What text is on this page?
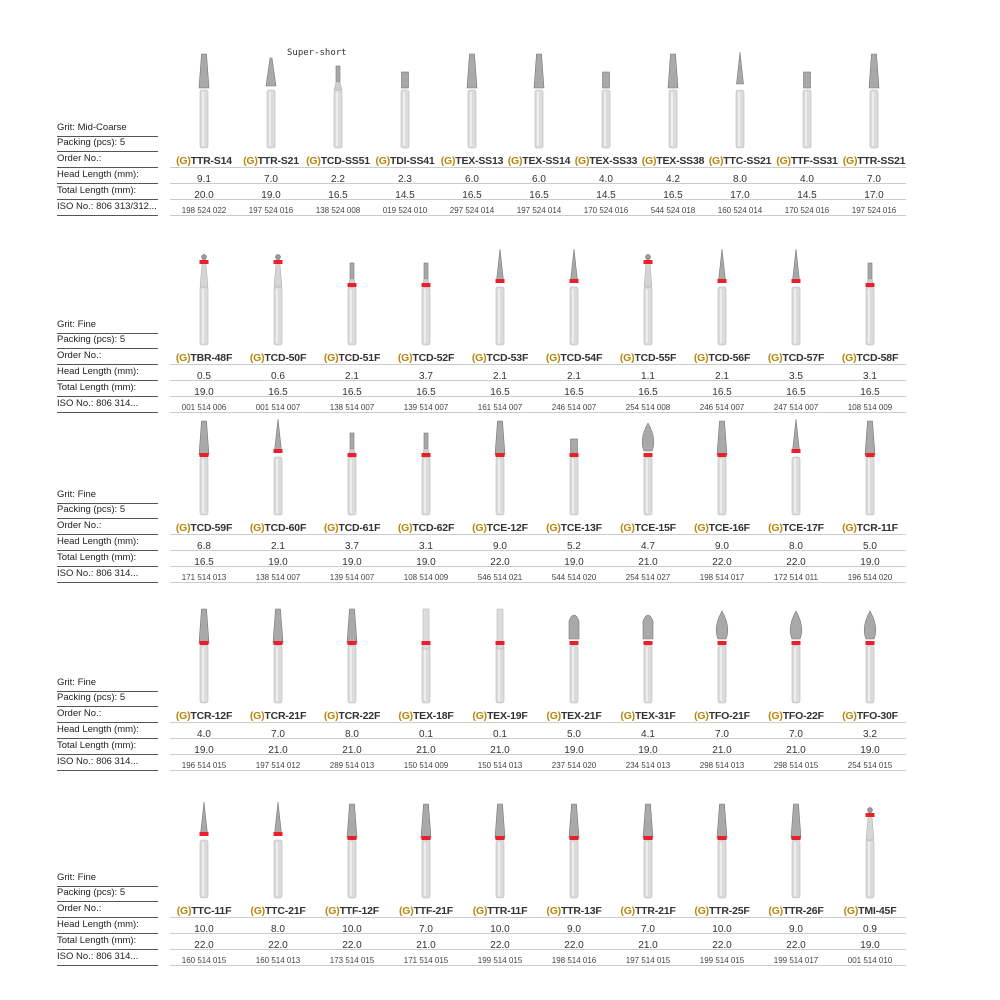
Super-short
Grit: Mid-Coarse
Packing (pcs): 5
Order No.:
Head Length (mm):
Total Length (mm):
ISO No.: 806 313/312...
(G)TTR-S14
9.1
20.0
198 524 022
(G)TTR-S21
7.0
19.0
197 524 016
(G)TCD-SS51
2.2
16.5
138 524 008
(G)TDI-SS41
2.3
14.5
019 524 010
(G)TEX-SS13
6.0
16.5
297 524 014
(G)TEX-SS14
6.0
16.5
197 524 014
(G)TEX-SS33
4.0
14.5
170 524 016
(G)TEX-SS38
4.2
16.5
544 524 018
(G)TTC-SS21
8.0
17.0
160 524 014
(G)TTF-SS31
4.0
14.5
170 524 016
(G)TTR-SS21
7.0
17.0
197 524 016
Grit: Fine
Packing (pcs): 5
Order No.:
Head Length (mm):
Total Length (mm):
ISO No.: 806 314...
(G)TBR-48F
0.5
19.0
001 514 006
(G)TCD-50F
0.6
16.5
001 514 007
(G)TCD-51F
2.1
16.5
138 514 007
(G)TCD-52F
3.7
16.5
139 514 007
(G)TCD-53F
2.1
16.5
161 514 007
(G)TCD-54F
2.1
16.5
246 514 007
(G)TCD-55F
1.1
16.5
254 514 008
(G)TCD-56F
2.1
16.5
246 514 007
(G)TCD-57F
3.5
16.5
247 514 007
(G)TCD-58F
3.1
16.5
108 514 009
Grit: Fine
Packing (pcs): 5
Order No.:
Head Length (mm):
Total Length (mm):
ISO No.: 806 314...
(G)TCD-59F
6.8
16.5
171 514 013
(G)TCD-60F
2.1
19.0
138 514 007
(G)TCD-61F
3.7
19.0
139 514 007
(G)TCD-62F
3.1
19.0
108 514 009
(G)TCE-12F
9.0
22.0
546 514 021
(G)TCE-13F
5.2
19.0
544 514 020
(G)TCE-15F
4.7
21.0
254 514 027
(G)TCE-16F
9.0
22.0
198 514 017
(G)TCE-17F
8.0
22.0
172 514 011
(G)TCR-11F
5.0
19.0
196 514 020
Grit: Fine
Packing (pcs): 5
Order No.:
Head Length (mm):
Total Length (mm):
ISO No.: 806 314...
(G)TCR-12F
4.0
19.0
196 514 015
(G)TCR-21F
7.0
21.0
197 514 012
(G)TCR-22F
8.0
21.0
289 514 013
(G)TEX-18F
0.1
21.0
150 514 009
(G)TEX-19F
0.1
21.0
150 514 013
(G)TEX-21F
5.0
19.0
237 514 020
(G)TEX-31F
4.1
19.0
234 514 013
(G)TFO-21F
7.0
21.0
298 514 013
(G)TFO-22F
7.0
21.0
298 514 015
(G)TFO-30F
3.2
19.0
254 514 015
Grit: Fine
Packing (pcs): 5
Order No.:
Head Length (mm):
Total Length (mm):
ISO No.: 806 314...
(G)TTC-11F
10.0
22.0
160 514 015
(G)TTC-21F
8.0
22.0
160 514 013
(G)TTF-12F
10.0
22.0
173 514 015
(G)TTF-21F
7.0
21.0
171 514 015
(G)TTR-11F
10.0
22.0
199 514 015
(G)TTR-13F
9.0
22.0
198 514 016
(G)TTR-21F
7.0
21.0
197 514 015
(G)TTR-25F
10.0
22.0
199 514 015
(G)TTR-26F
9.0
22.0
199 514 017
(G)TMI-45F
0.9
19.0
001 514 010
